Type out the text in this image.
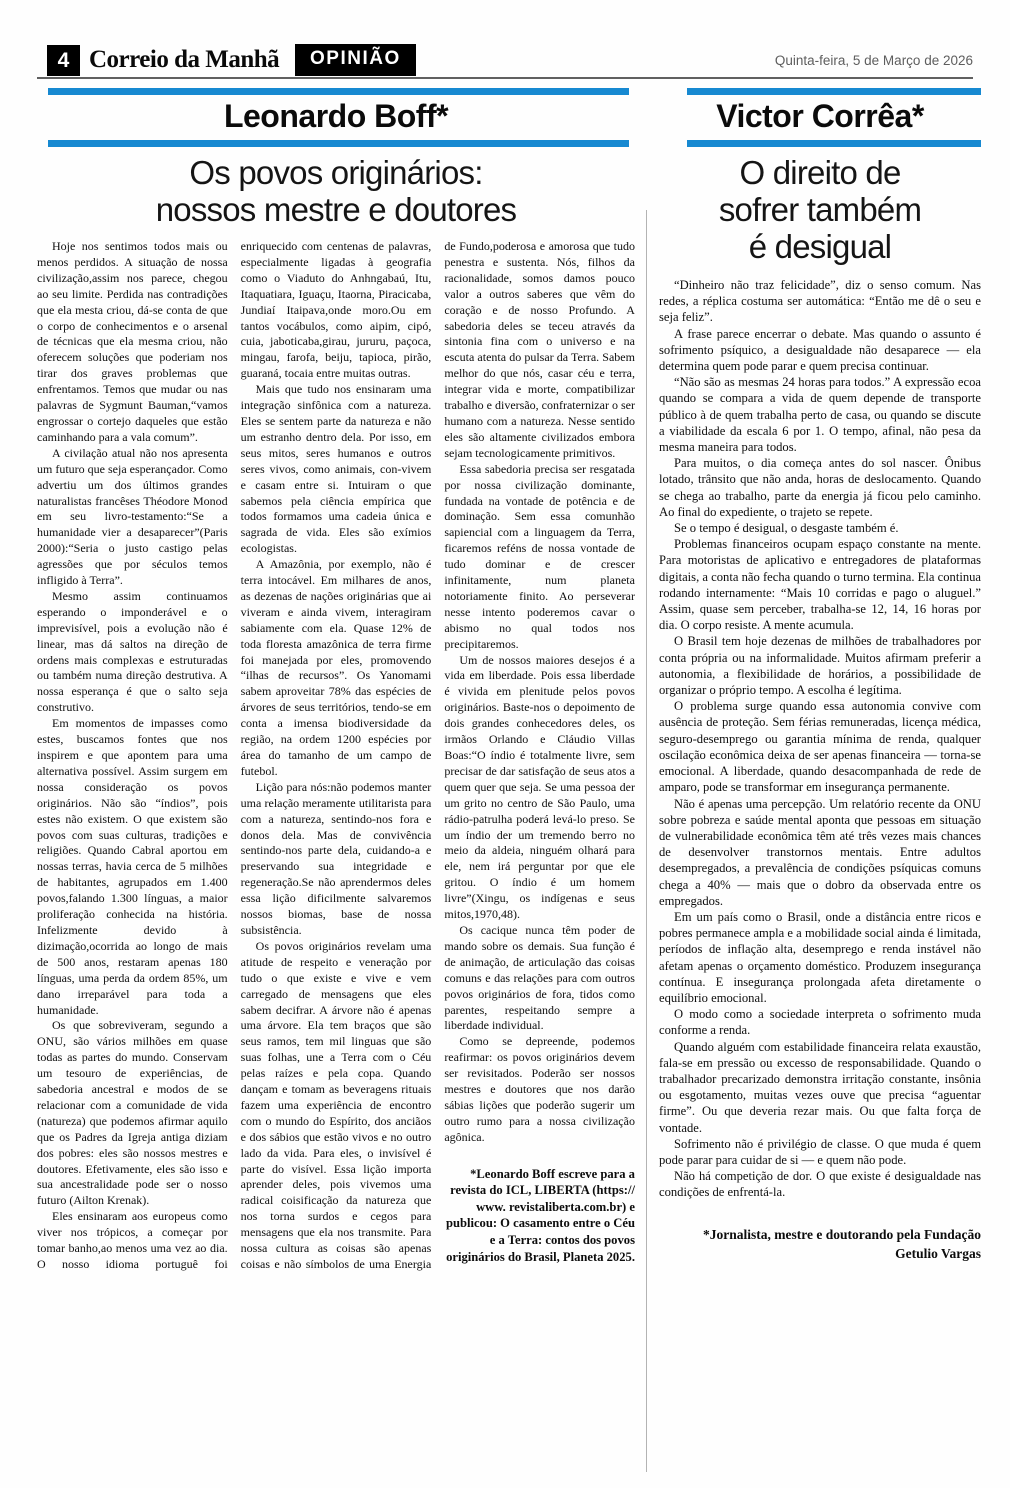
4 Correio da Manhã	OPINIÃO	Quinta-feira, 5 de Março de 2026
Leonardo Boff*
Os povos originários:
nossos mestre e doutores

Hoje nos sentimos todos mais ou menos perdidos. A situação de nossa civilização,assim nos parece, chegou ao seu limite. Perdida nas contradições que ela mesta criou, dá-se conta de que o corpo de conhecimentos e o arsenal de técnicas que ela mesma criou, não oferecem soluções que poderiam nos tirar dos graves problemas que enfrentamos. Temos que mudar ou nas palavras de Sygmunt Bauman,“vamos engrossar o cortejo daqueles que estão caminhando para a vala comum”.

A civilação atual não nos apresenta um futuro que seja esperançador. Como advertiu um dos últimos grandes naturalistas francêses Théodore Monod em seu livro-testamento:“Se a humanidade vier a desaparecer”(Paris 2000):“Seria o justo castigo pelas agressões que por séculos temos infligido à Terra”.

Mesmo assim continuamos esperando o imponderável e o imprevisível, pois a evolução não é linear, mas dá saltos na direção de ordens mais complexas e estruturadas ou também numa direção destrutiva. A nossa esperança é que o salto seja construtivo.

Em momentos de impasses como estes, buscamos fontes que nos inspirem e que apontem para uma alternativa possível. Assim surgem em nossa consideração os povos originários. Não são “índios”, pois estes não existem. O que existem são povos com suas culturas, tradições e religiões. Quando Cabral aportou em nossas terras, havia cerca de 5 milhões de habitantes, agrupados em 1.400 povos,falando 1.300 línguas, a maior proliferação conhecida na história. Infelizmente devido à dizimação,ocorrida ao longo de mais de 500 anos, restaram apenas 180 línguas, uma perda da ordem 85%, um dano irreparável para toda a humanidade.

Os que sobreviveram, segundo a ONU, são vários milhões em quase todas as partes do mundo. Conservam um tesouro de experiências, de sabedoria ancestral e modos de se relacionar com a comunidade de vida (natureza) que podemos afirmar aquilo que os Padres da Igreja antiga diziam dos pobres: eles são nossos mestres e doutores. Efetivamente, eles são isso e sua ancestralidade pode ser o nosso futuro (Ailton Krenak).

Eles ensinaram aos europeus como viver nos trópicos, a começar por tomar banho,ao menos uma vez ao dia. O nosso idioma portuguê foi enriquecido com centenas de palavras, especialmente ligadas à geografia como o Viaduto do Anhngabaú, Itu, Itaquatiara, Iguaçu, Itaorna, Piracicaba, Jundiaí Itaipava,onde moro.Ou em tantos vocábulos, como aipim, cipó, cuia, jaboticaba,girau, jururu, paçoca, mingau, farofa, beiju, tapioca, pirão, guaraná, tocaia entre muitas outras.

Mais que tudo nos ensinaram uma integração sinfônica com a natureza. Eles se sentem parte da natureza e não um estranho dentro dela. Por isso, em seus mitos, seres humanos e outros seres vivos, como animais, con-vivem e casam entre si. Intuiram o que sabemos pela ciência empírica que todos formamos uma cadeia única e sagrada de vida. Eles são exímios ecologistas.

A Amazônia, por exemplo, não é terra intocável. Em milhares de anos, as dezenas de nações originárias que ai viveram e ainda vivem, interagiram sabiamente com ela. Quase 12% de toda floresta amazônica de terra firme foi manejada por eles, promovendo “ilhas de recursos”. Os Yanomami sabem aproveitar 78% das espécies de árvores de seus territórios, tendo-se em conta a imensa biodiversidade da região, na ordem 1200 espécies por área do tamanho de um campo de futebol.

Lição para nós:não podemos manter uma relação meramente utilitarista para com a natureza, sentindo-nos fora e donos dela. Mas de convivência sentindo-nos parte dela, cuidando-a e preservando sua integridade e regeneração.Se não aprendermos deles essa lição dificilmente salvaremos nossos biomas, base de nossa subsistência.

Os povos originários revelam uma atitude de respeito e veneração por tudo o que existe e vive e vem carregado de mensagens que eles sabem decifrar. A árvore não é apenas uma árvore. Ela tem braços que são seus ramos, tem mil linguas que são suas folhas, une a Terra com o Céu pelas raízes e pela copa. Quando dançam e tomam as beveragens rituais fazem uma experiência de encontro com o mundo do Espírito, dos anciãos e dos sábios que estão vivos e no outro lado da vida. Para eles, o invisível é parte do visível. Essa lição importa aprender deles, pois vivemos uma radical coisificação da natureza que nos torna surdos e cegos para mensagens que ela nos transmite. Para nossa cultura as coisas são apenas coisas e não símbolos de uma Energia de Fundo,poderosa e amorosa que tudo penestra e sustenta. Nós, filhos da racionalidade, somos damos pouco valor a outros saberes que vêm do coração e de nosso Profundo. A sabedoria deles se teceu através da sintonia fina com o universo e na escuta atenta do pulsar da Terra. Sabem melhor do que nós, casar céu e terra, integrar vida e morte, compatibilizar trabalho e diversão, confraternizar o ser humano com a natureza. Nesse sentido eles são altamente civilizados embora sejam tecnologicamente primitivos.

Essa sabedoria precisa ser resgatada por nossa civilização dominante, fundada na vontade de potência e de dominação. Sem essa comunhão sapiencial com a linguagem da Terra, ficaremos reféns de nossa vontade de tudo dominar e de crescer infinitamente, num planeta notoriamente finito. Ao perseverar nesse intento poderemos cavar o abismo no qual todos nos precipitaremos.

Um de nossos maiores desejos é a vida em liberdade. Pois essa liberdade é vivida em plenitude pelos povos originários. Baste-nos o depoimento de dois grandes conhecedores deles, os irmãos Orlando e Cláudio Villas Boas:“O índio é totalmente livre, sem precisar de dar satisfação de seus atos a quem quer que seja. Se uma pessoa der um grito no centro de São Paulo, uma rádio-patrulha poderá levá-lo preso. Se um índio der um tremendo berro no meio da aldeia, ninguém olhará para ele, nem irá perguntar por que ele gritou. O índio é um homem livre”(Xingu, os indígenas e seus mitos,1970,48).

Os cacique nunca têm poder de mando sobre os demais. Sua função é de animação, de articulação das coisas comuns e das relações para com outros povos originários de fora, tidos como parentes, respeitando sempre a liberdade individual.

Como se depreende, podemos reafirmar: os povos originários devem ser revisitados. Poderão ser nossos mestres e doutores que nos darão sábias lições que poderão sugerir um outro rumo para a nossa civilização agônica.

*Leonardo Boff escreve para a revista do ICL, LIBERTA (https:// www. revistaliberta.com.br) e publicou: O casamento entre o Céu e a Terra: contos dos povos originários do Brasil, Planeta 2025.
Victor Corrêa*
O direito de
sofrer também
é desigual

“Dinheiro não traz felicidade”, diz o senso comum. Nas redes, a réplica costuma ser automática: “Então me dê o seu e seja feliz”.

A frase parece encerrar o debate. Mas quando o assunto é sofrimento psíquico, a desigualdade não desaparece — ela determina quem pode parar e quem precisa continuar.

“Não são as mesmas 24 horas para todos.” A expressão ecoa quando se compara a vida de quem depende de transporte público à de quem trabalha perto de casa, ou quando se discute a viabilidade da escala 6 por 1. O tempo, afinal, não pesa da mesma maneira para todos.

Para muitos, o dia começa antes do sol nascer. Ônibus lotado, trânsito que não anda, horas de deslocamento. Quando se chega ao trabalho, parte da energia já ficou pelo caminho. Ao final do expediente, o trajeto se repete.

Se o tempo é desigual, o desgaste também é.

Problemas financeiros ocupam espaço constante na mente. Para motoristas de aplicativo e entregadores de plataformas digitais, a conta não fecha quando o turno termina. Ela continua rodando internamente: “Mais 10 corridas e pago o aluguel.” Assim, quase sem perceber, trabalha-se 12, 14, 16 horas por dia. O corpo resiste. A mente acumula.

O Brasil tem hoje dezenas de milhões de trabalhadores por conta própria ou na informalidade. Muitos afirmam preferir a autonomia, a flexibilidade de horários, a possibilidade de organizar o próprio tempo. A escolha é legítima.

O problema surge quando essa autonomia convive com ausência de proteção. Sem férias remuneradas, licença médica, seguro-desemprego ou garantia mínima de renda, qualquer oscilação econômica deixa de ser apenas financeira — torna-se emocional. A liberdade, quando desacompanhada de rede de amparo, pode se transformar em insegurança permanente.

Não é apenas uma percepção. Um relatório recente da ONU sobre pobreza e saúde mental aponta que pessoas em situação de vulnerabilidade econômica têm até três vezes mais chances de desenvolver transtornos mentais. Entre adultos desempregados, a prevalência de condições psíquicas comuns chega a 40% — mais que o dobro da observada entre os empregados.

Em um país como o Brasil, onde a distância entre ricos e pobres permanece ampla e a mobilidade social ainda é limitada, períodos de inflação alta, desemprego e renda instável não afetam apenas o orçamento doméstico. Produzem insegurança contínua. E insegurança prolongada afeta diretamente o equilíbrio emocional.

O modo como a sociedade interpreta o sofrimento muda conforme a renda.

Quando alguém com estabilidade financeira relata exaustão, fala-se em pressão ou excesso de responsabilidade. Quando o trabalhador precarizado demonstra irritação constante, insônia ou esgotamento, muitas vezes ouve que precisa “aguentar firme”. Ou que deveria rezar mais. Ou que falta força de vontade.

Sofrimento não é privilégio de classe. O que muda é quem pode parar para cuidar de si — e quem não pode.

Não há competição de dor. O que existe é desigualdade nas condições de enfrentá-la.

*Jornalista, mestre e doutorando pela Fundação Getulio Vargas
